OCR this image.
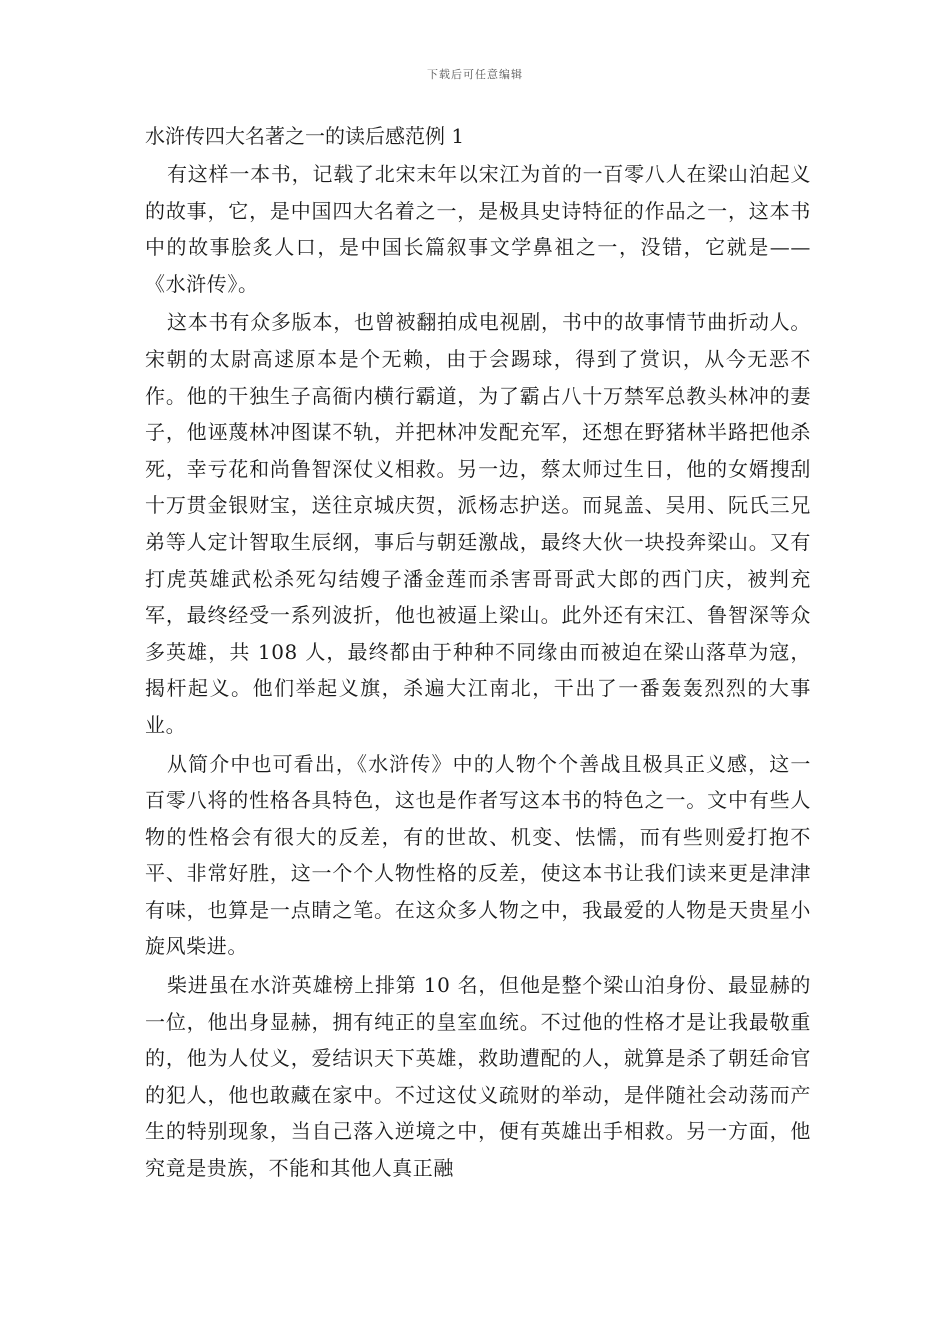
下载后可任意编辑
水浒传四大名著之一的读后感范例 1

有这样一本书，记载了北宋末年以宋江为首的一百零八人在梁山泊起义的故事，它，是中国四大名着之一，是极具史诗特征的作品之一，这本书中的故事脍炙人口，是中国长篇叙事文学鼻祖之一，没错，它就是——《水浒传》。

这本书有众多版本，也曾被翻拍成电视剧，书中的故事情节曲折动人。宋朝的太尉高逑原本是个无赖，由于会踢球，得到了赏识，从今无恶不作。他的干独生子高衙内横行霸道，为了霸占八十万禁军总教头林冲的妻子，他诬蔑林冲图谋不轨，并把林冲发配充军，还想在野猪林半路把他杀死，幸亏花和尚鲁智深仗义相救。另一边，蔡太师过生日，他的女婿搜刮十万贯金银财宝，送往京城庆贺，派杨志护送。而晁盖、吴用、阮氏三兄弟等人定计智取生辰纲，事后与朝廷激战，最终大伙一块投奔梁山。又有打虎英雄武松杀死勾结嫂子潘金莲而杀害哥哥武大郎的西门庆，被判充军，最终经受一系列波折，他也被逼上梁山。此外还有宋江、鲁智深等众多英雄，共 108 人，最终都由于种种不同缘由而被迫在梁山落草为寇，揭杆起义。他们举起义旗，杀遍大江南北，干出了一番轰轰烈烈的大事业。

从简介中也可看出，《水浒传》中的人物个个善战且极具正义感，这一百零八将的性格各具特色，这也是作者写这本书的特色之一。文中有些人物的性格会有很大的反差，有的世故、机变、怯懦，而有些则爱打抱不平、非常好胜，这一个个人物性格的反差，使这本书让我们读来更是津津有味，也算是一点睛之笔。在这众多人物之中，我最爱的人物是天贵星小旋风柴进。

柴进虽在水浒英雄榜上排第 10 名，但他是整个梁山泊身份、最显赫的一位，他出身显赫，拥有纯正的皇室血统。不过他的性格才是让我最敬重的，他为人仗义，爱结识天下英雄，救助遭配的人，就算是杀了朝廷命官的犯人，他也敢藏在家中。不过这仗义疏财的举动，是伴随社会动荡而产生的特别现象，当自己落入逆境之中，便有英雄出手相救。另一方面，他究竟是贵族，不能和其他人真正融
